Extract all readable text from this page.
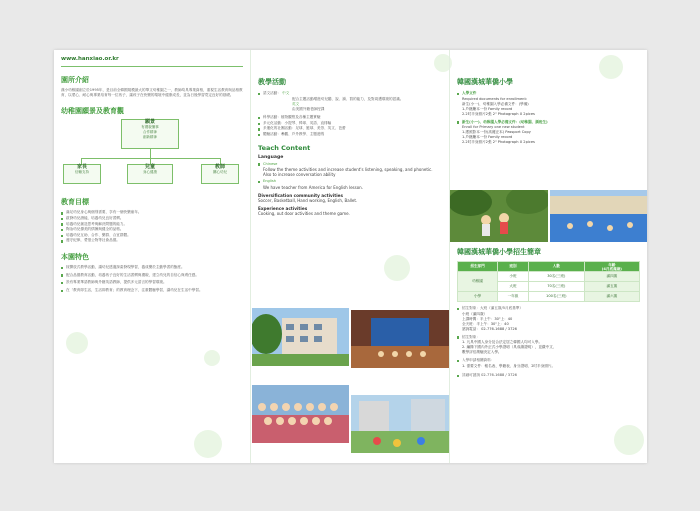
www.hanxiao.or.kr
園所介紹
漢小幼稚園創立於1995年，是目前全韓國規模最大的華文幼稚園之一，教師均具專業資格，重視生活教育與品格教育，以愛心、耐心與專業培育每一位孩子，讓孩子在快樂的環境中健康成長，並為日後學習奠定良好的基礎。
幼稚園願景及教育觀
願景
有禮貌懂事
合作精神
創新精神
家長
信賴支持
兒童
身心健康
教師
關心幼兒
教育目標
滿足幼兒身心與個別需要，享有一個快樂童年。
啟發幼兒潛能，培養幼兒良好習慣。
培養幼兒創造思考與解決問題的能力。
陶冶幼兒優美的情操與健全的品格。
培養幼兒互助、合作、樂群、合宜群體。
遵守紀律，愛惜公物等社會品德。
本園特色
採開放式教學活動，讓幼兒透過探索發現學習，養成樂於主動學習的態度。
配合品德教育活動，培養孩子良好的生活習慣與禮貌，建立幼兒的自信心與責任感。
設有專業華語教師與外籍英語教師，提供多元語言的學習環境。
在「教育即生活，生活即教育」的教育理念下，注重體驗學習，讓幼兒在生活中學習。
教學活動
語文活動： 中文
配合主題活動增進幼兒聽、說、讀、寫的能力，及對周遭環境的認識。
英文
由美國外籍老師授課
科學活動：植物觀察及各種主題實驗
多元化活動：小提琴、棒球、英語、直排輪
多運化的社團活動：足球、籃球、美勞、英文、芭蕾
體驗活動：參觀、戶外教學、主題遊戲
Teach Content
Language
Chinese
Follow the theme activities and increase student's listening, speaking, and phonetic. Also to increase conversation ability
English
We have teacher from America for English lesson.
Diversification community activities
Soccer, Basketball, Hand working, English, Ballet.
Experience activities
Cooking, out door activities and theme game.
韓國漢城華僑小學
入學文件
Required documents for enrollment:
新生(小一)、幼稚園入學必備文件：(學備)
1.戶籍騰本一份 Family record
2.2吋半身照片2張 2" Photograph X 2pices
新生(小一)、幼稚園入學必備文件：(幼稚園、插班生)
Enroll for Primary one new student
1.護照影本一份(高麗正本) Passport Copy
1.戶籍騰本一份 Family record
2.2吋半身照片2張 2" Photograph X 2pices
韓國漢城華僑小學招生簡章
招生部門	班別	人數	年齡
(4月底滿歲)
幼稚園	小班	30名(三班)	滿四歲
	大班	70名(三班)	滿五歲
小學	一年級	100名(三班)	滿六歲
招生對象：大班（滿五歲/5月底基準）
小班（滿四歲）
上課時間：半上午：30"上：40
全天班：半上午：30"上：40
諮詢電話： 02-776-1688 / 3726
招生對象：
1. 凡具中國人身分及合法定居之韓國人均可入學。
2. 編錄下國內外正式小學證明（具成績證明），並繳中文、
數學評估測驗決定入學。
入學申請相關資料：
1. 需要文件：報名表、學籍表、身分證明、2吋半身照片。
詳細可諮詢 02-776-1688 / 3726
